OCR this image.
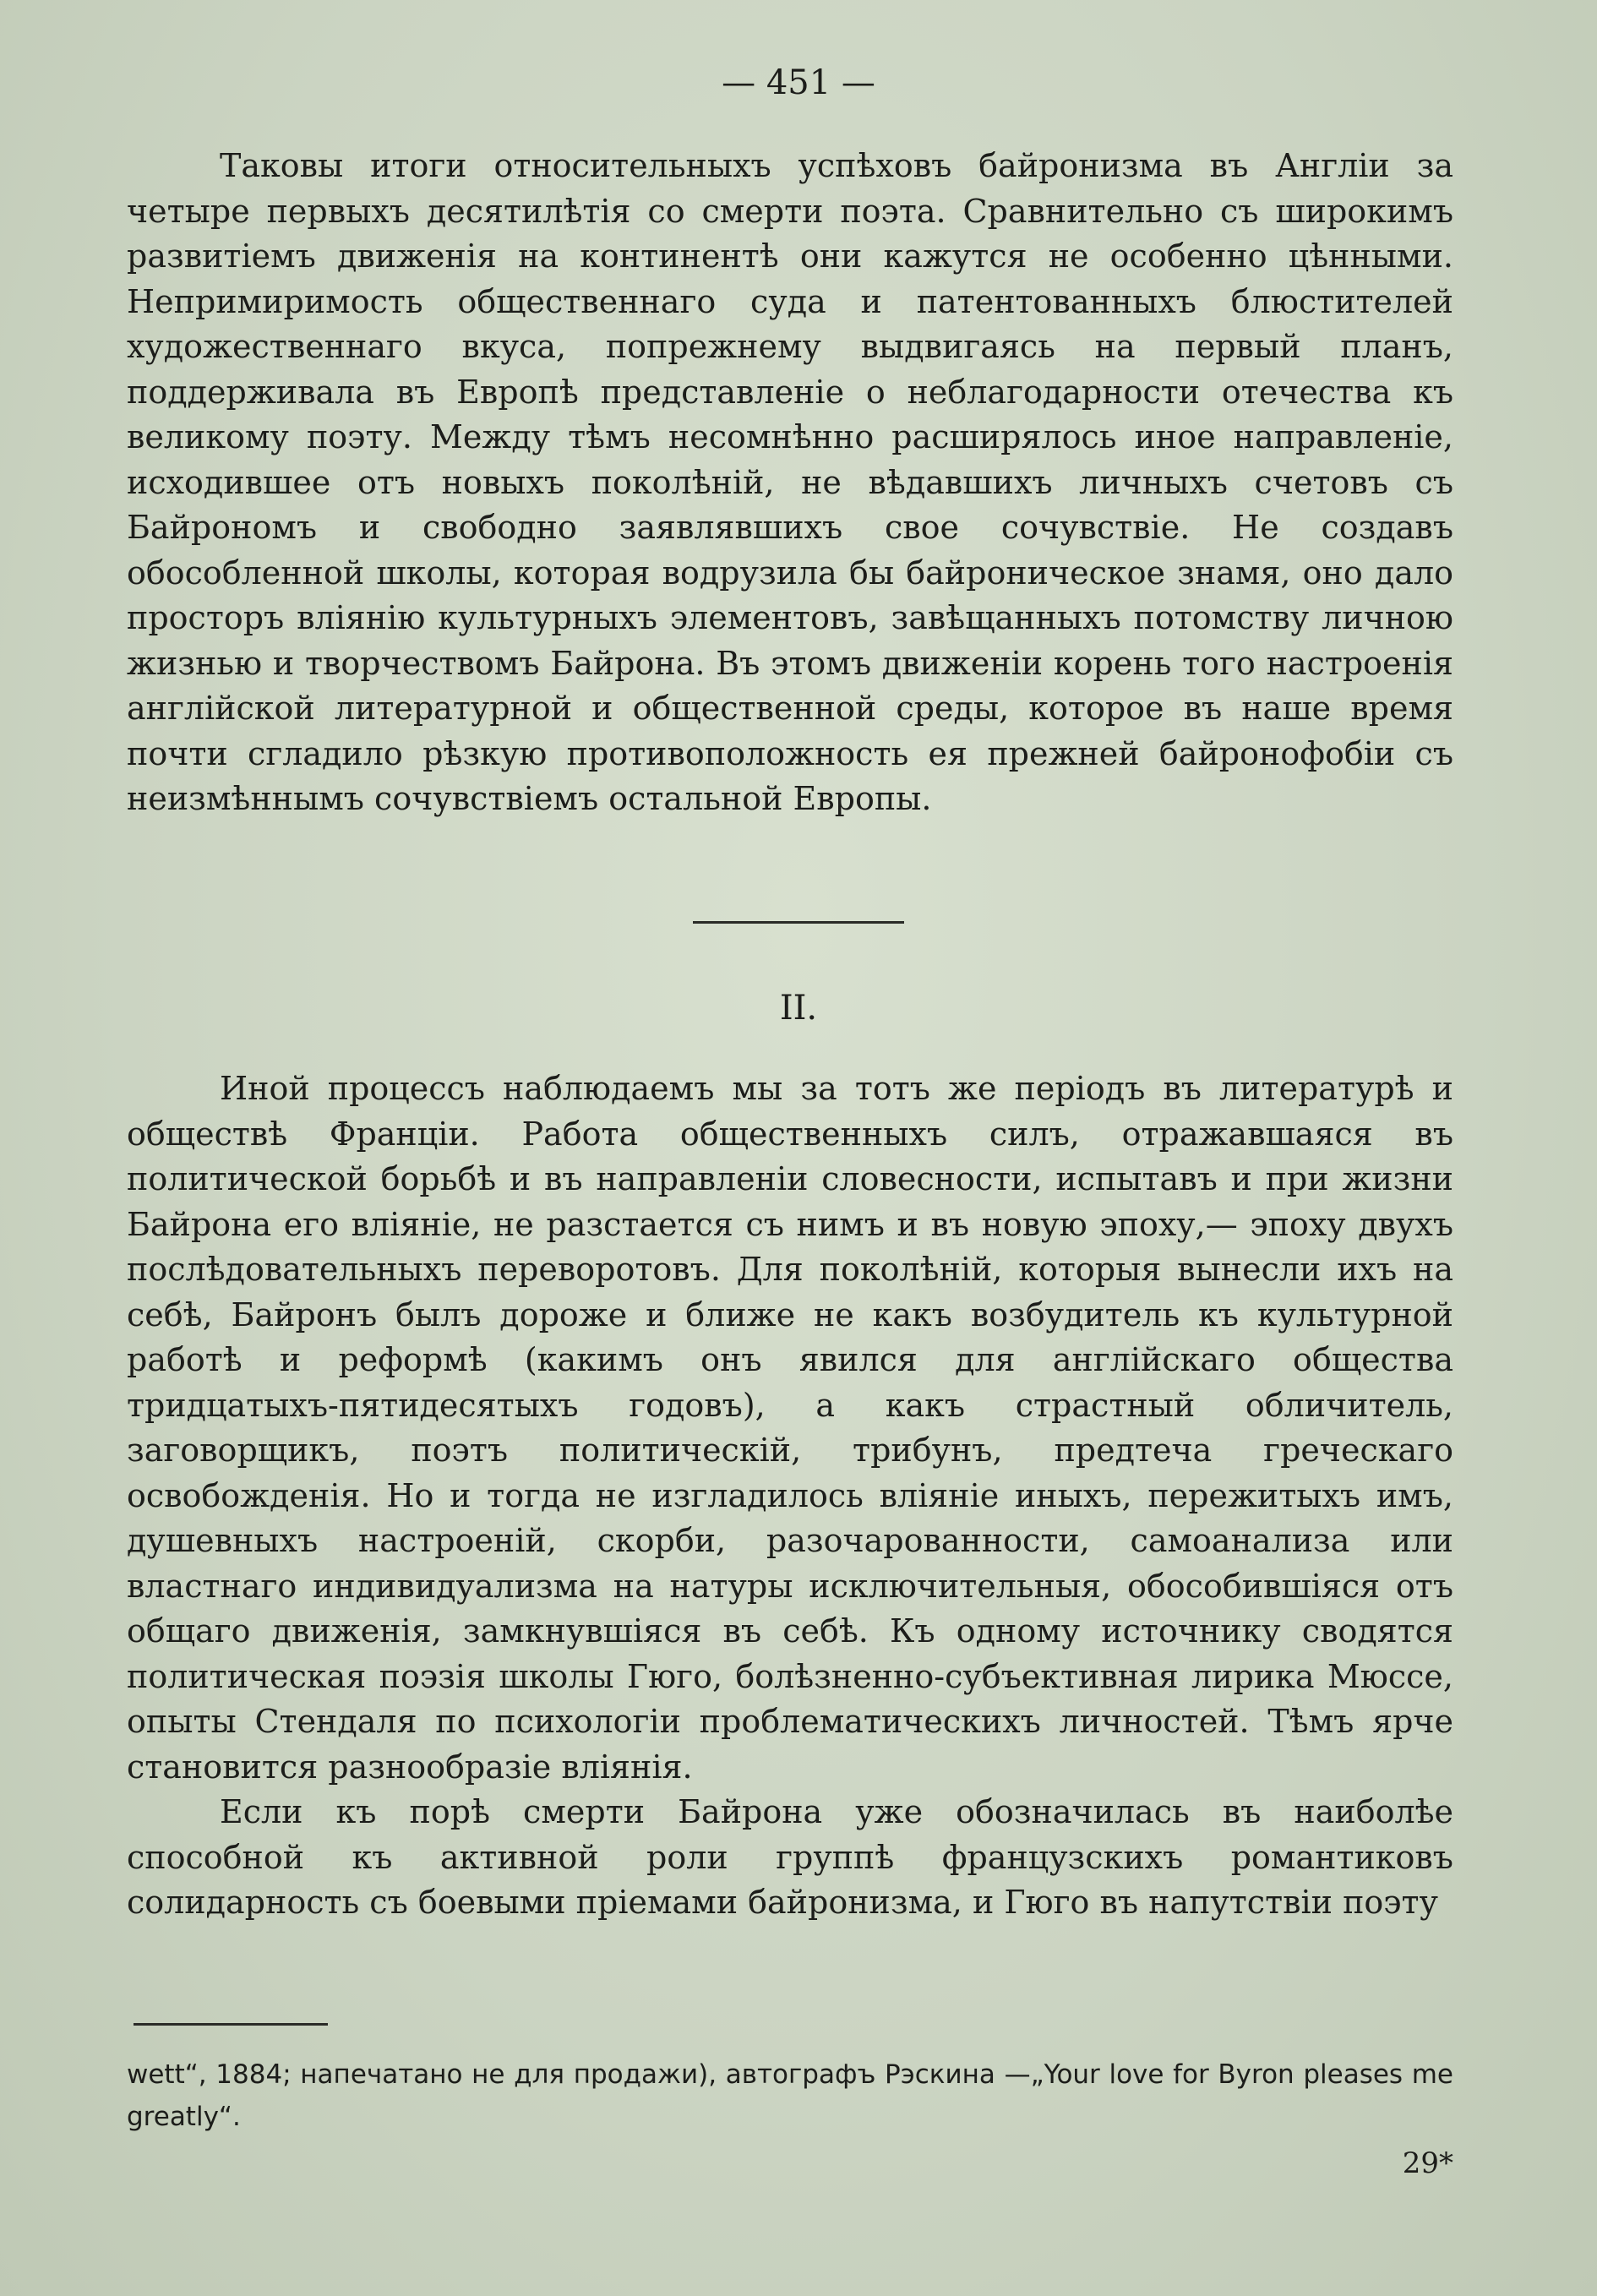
— 451 —

Таковы итоги относительныхъ успѣховъ байронизма въ Англіи за четыре первыхъ десятилѣтія со смерти поэта. Сравнительно съ широкимъ развитіемъ движенія на континентѣ они кажутся не особенно цѣнными. Непримиримость общественнаго суда и патентованныхъ блюстителей художественнаго вкуса, попрежнему выдвигаясь на первый планъ, поддерживала въ Европѣ представленіе о неблагодарности отечества къ великому поэту. Между тѣмъ несомнѣнно расширялось иное направленіе, исходившее отъ новыхъ поколѣній, не вѣдавшихъ личныхъ счетовъ съ Байрономъ и свободно заявлявшихъ свое сочувствіе. Не создавъ обособленной школы, которая водрузила бы байроническое знамя, оно дало просторъ вліянію культурныхъ элементовъ, завѣщанныхъ потомству личною жизнью и творчествомъ Байрона. Въ этомъ движеніи корень того настроенія англійской литературной и общественной среды, которое въ наше время почти сгладило рѣзкую противоположность ея прежней байронофобіи съ неизмѣннымъ сочувствіемъ остальной Европы.

II.

Иной процессъ наблюдаемъ мы за тотъ же періодъ въ литературѣ и обществѣ Франціи. Работа общественныхъ силъ, отражавшаяся въ политической борьбѣ и въ направленіи словесности, испытавъ и при жизни Байрона его вліяніе, не разстается съ нимъ и въ новую эпоху,— эпоху двухъ послѣдовательныхъ переворотовъ. Для поколѣній, которыя вынесли ихъ на себѣ, Байронъ былъ дороже и ближе не какъ возбудитель къ культурной работѣ и реформѣ (какимъ онъ явился для англійскаго общества тридцатыхъ-пятидесятыхъ годовъ), а какъ страстный обличитель, заговорщикъ, поэтъ политическій, трибунъ, предтеча греческаго освобожденія. Но и тогда не изгладилось вліяніе иныхъ, пережитыхъ имъ, душевныхъ настроеній, скорби, разочарованности, самоанализа или властнаго индивидуализма на натуры исключительныя, обособившіяся отъ общаго движенія, замкнувшіяся въ себѣ. Къ одному источнику сводятся политическая поэзія школы Гюго, болѣзненно-субъективная лирика Мюссе, опыты Стендаля по психологіи проблематическихъ личностей. Тѣмъ ярче становится разнообразіе вліянія.

Если къ порѣ смерти Байрона уже обозначилась въ наиболѣе способной къ активной роли группѣ французскихъ романтиковъ солидарность съ боевыми пріемами байронизма, и Гюго въ напутствіи поэту

wett“, 1884; напечатано не для продажи), автографъ Рэскина —„Your love for Byron pleases me greatly“.
29*
